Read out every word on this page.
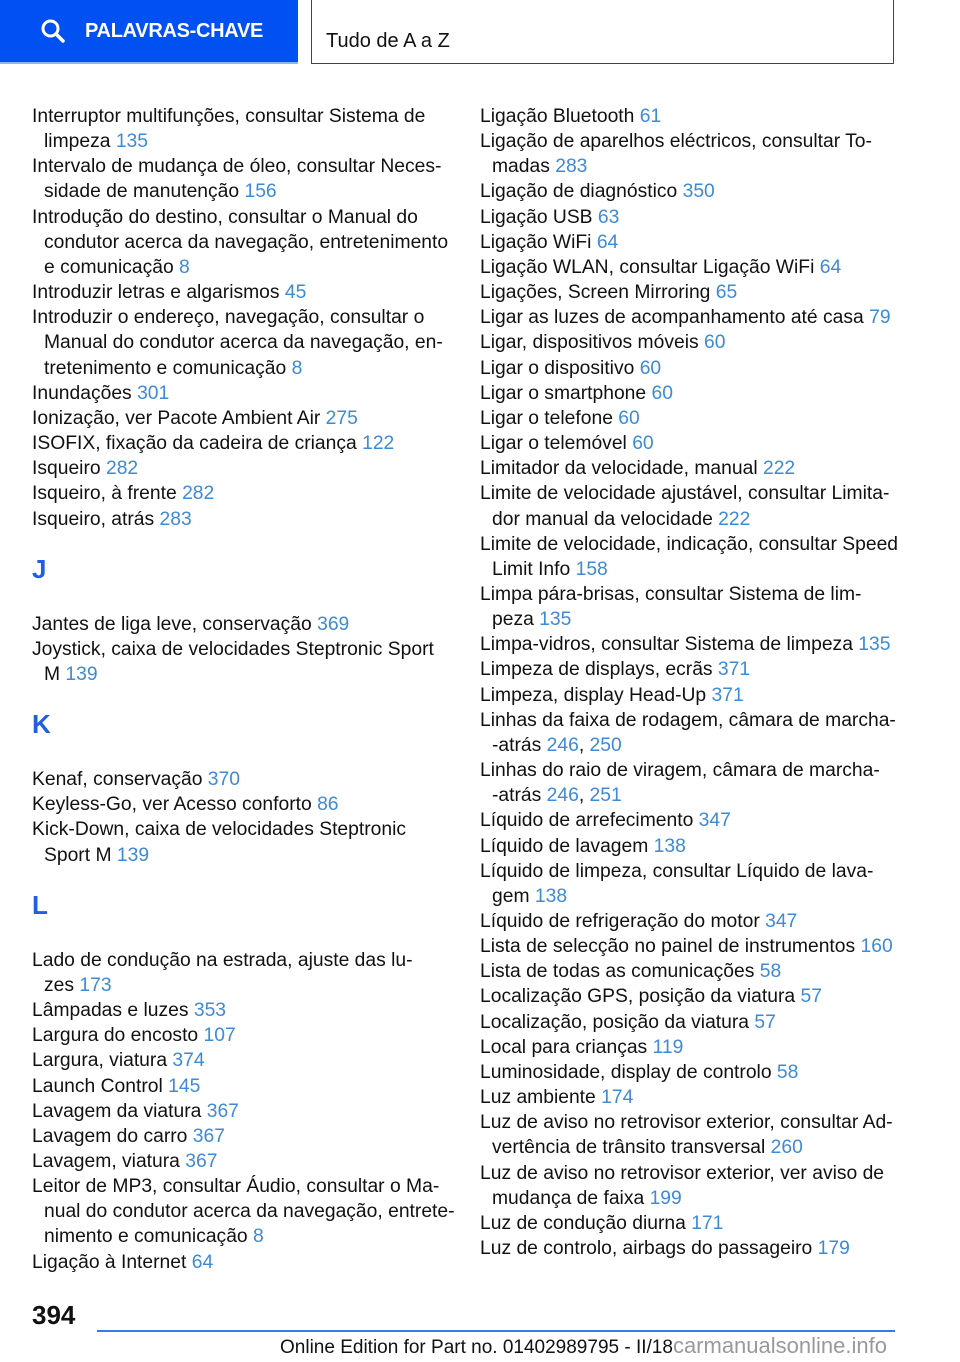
PALAVRAS-CHAVE	Tudo de A a Z
Interruptor multifunções, consultar Sistema de
limpeza 135
Intervalo de mudança de óleo, consultar Neces-
sidade de manutenção 156
Introdução do destino, consultar o Manual do
condutor acerca da navegação, entretenimento
e comunicação 8
Introduzir letras e algarismos 45
Introduzir o endereço, navegação, consultar o
Manual do condutor acerca da navegação, en-
tretenimento e comunicação 8
Inundações 301
Ionização, ver Pacote Ambient Air 275
ISOFIX, fixação da cadeira de criança 122
Isqueiro 282
Isqueiro, à frente 282
Isqueiro, atrás 283
J
Jantes de liga leve, conservação 369
Joystick, caixa de velocidades Steptronic Sport
M 139
K
Kenaf, conservação 370
Keyless-Go, ver Acesso conforto 86
Kick-Down, caixa de velocidades Steptronic
Sport M 139
L
Lado de condução na estrada, ajuste das lu-
zes 173
Lâmpadas e luzes 353
Largura do encosto 107
Largura, viatura 374
Launch Control 145
Lavagem da viatura 367
Lavagem do carro 367
Lavagem, viatura 367
Leitor de MP3, consultar Áudio, consultar o Ma-
nual do condutor acerca da navegação, entrete-
nimento e comunicação 8
Ligação à Internet 64
Ligação Bluetooth 61
Ligação de aparelhos eléctricos, consultar To-
madas 283
Ligação de diagnóstico 350
Ligação USB 63
Ligação WiFi 64
Ligação WLAN, consultar Ligação WiFi 64
Ligações, Screen Mirroring 65
Ligar as luzes de acompanhamento até casa 79
Ligar, dispositivos móveis 60
Ligar o dispositivo 60
Ligar o smartphone 60
Ligar o telefone 60
Ligar o telemóvel 60
Limitador da velocidade, manual 222
Limite de velocidade ajustável, consultar Limita-
dor manual da velocidade 222
Limite de velocidade, indicação, consultar Speed
Limit Info 158
Limpa pára-brisas, consultar Sistema de lim-
peza 135
Limpa-vidros, consultar Sistema de limpeza 135
Limpeza de displays, ecrãs 371
Limpeza, display Head-Up 371
Linhas da faixa de rodagem, câmara de marcha-
-atrás 246, 250
Linhas do raio de viragem, câmara de marcha-
-atrás 246, 251
Líquido de arrefecimento 347
Líquido de lavagem 138
Líquido de limpeza, consultar Líquido de lava-
gem 138
Líquido de refrigeração do motor 347
Lista de selecção no painel de instrumentos 160
Lista de todas as comunicações 58
Localização GPS, posição da viatura 57
Localização, posição da viatura 57
Local para crianças 119
Luminosidade, display de controlo 58
Luz ambiente 174
Luz de aviso no retrovisor exterior, consultar Ad-
vertência de trânsito transversal 260
Luz de aviso no retrovisor exterior, ver aviso de
mudança de faixa 199
Luz de condução diurna 171
Luz de controlo, airbags do passageiro 179
394
Online Edition for Part no. 01402989795 - II/18carmanualsonline.info
